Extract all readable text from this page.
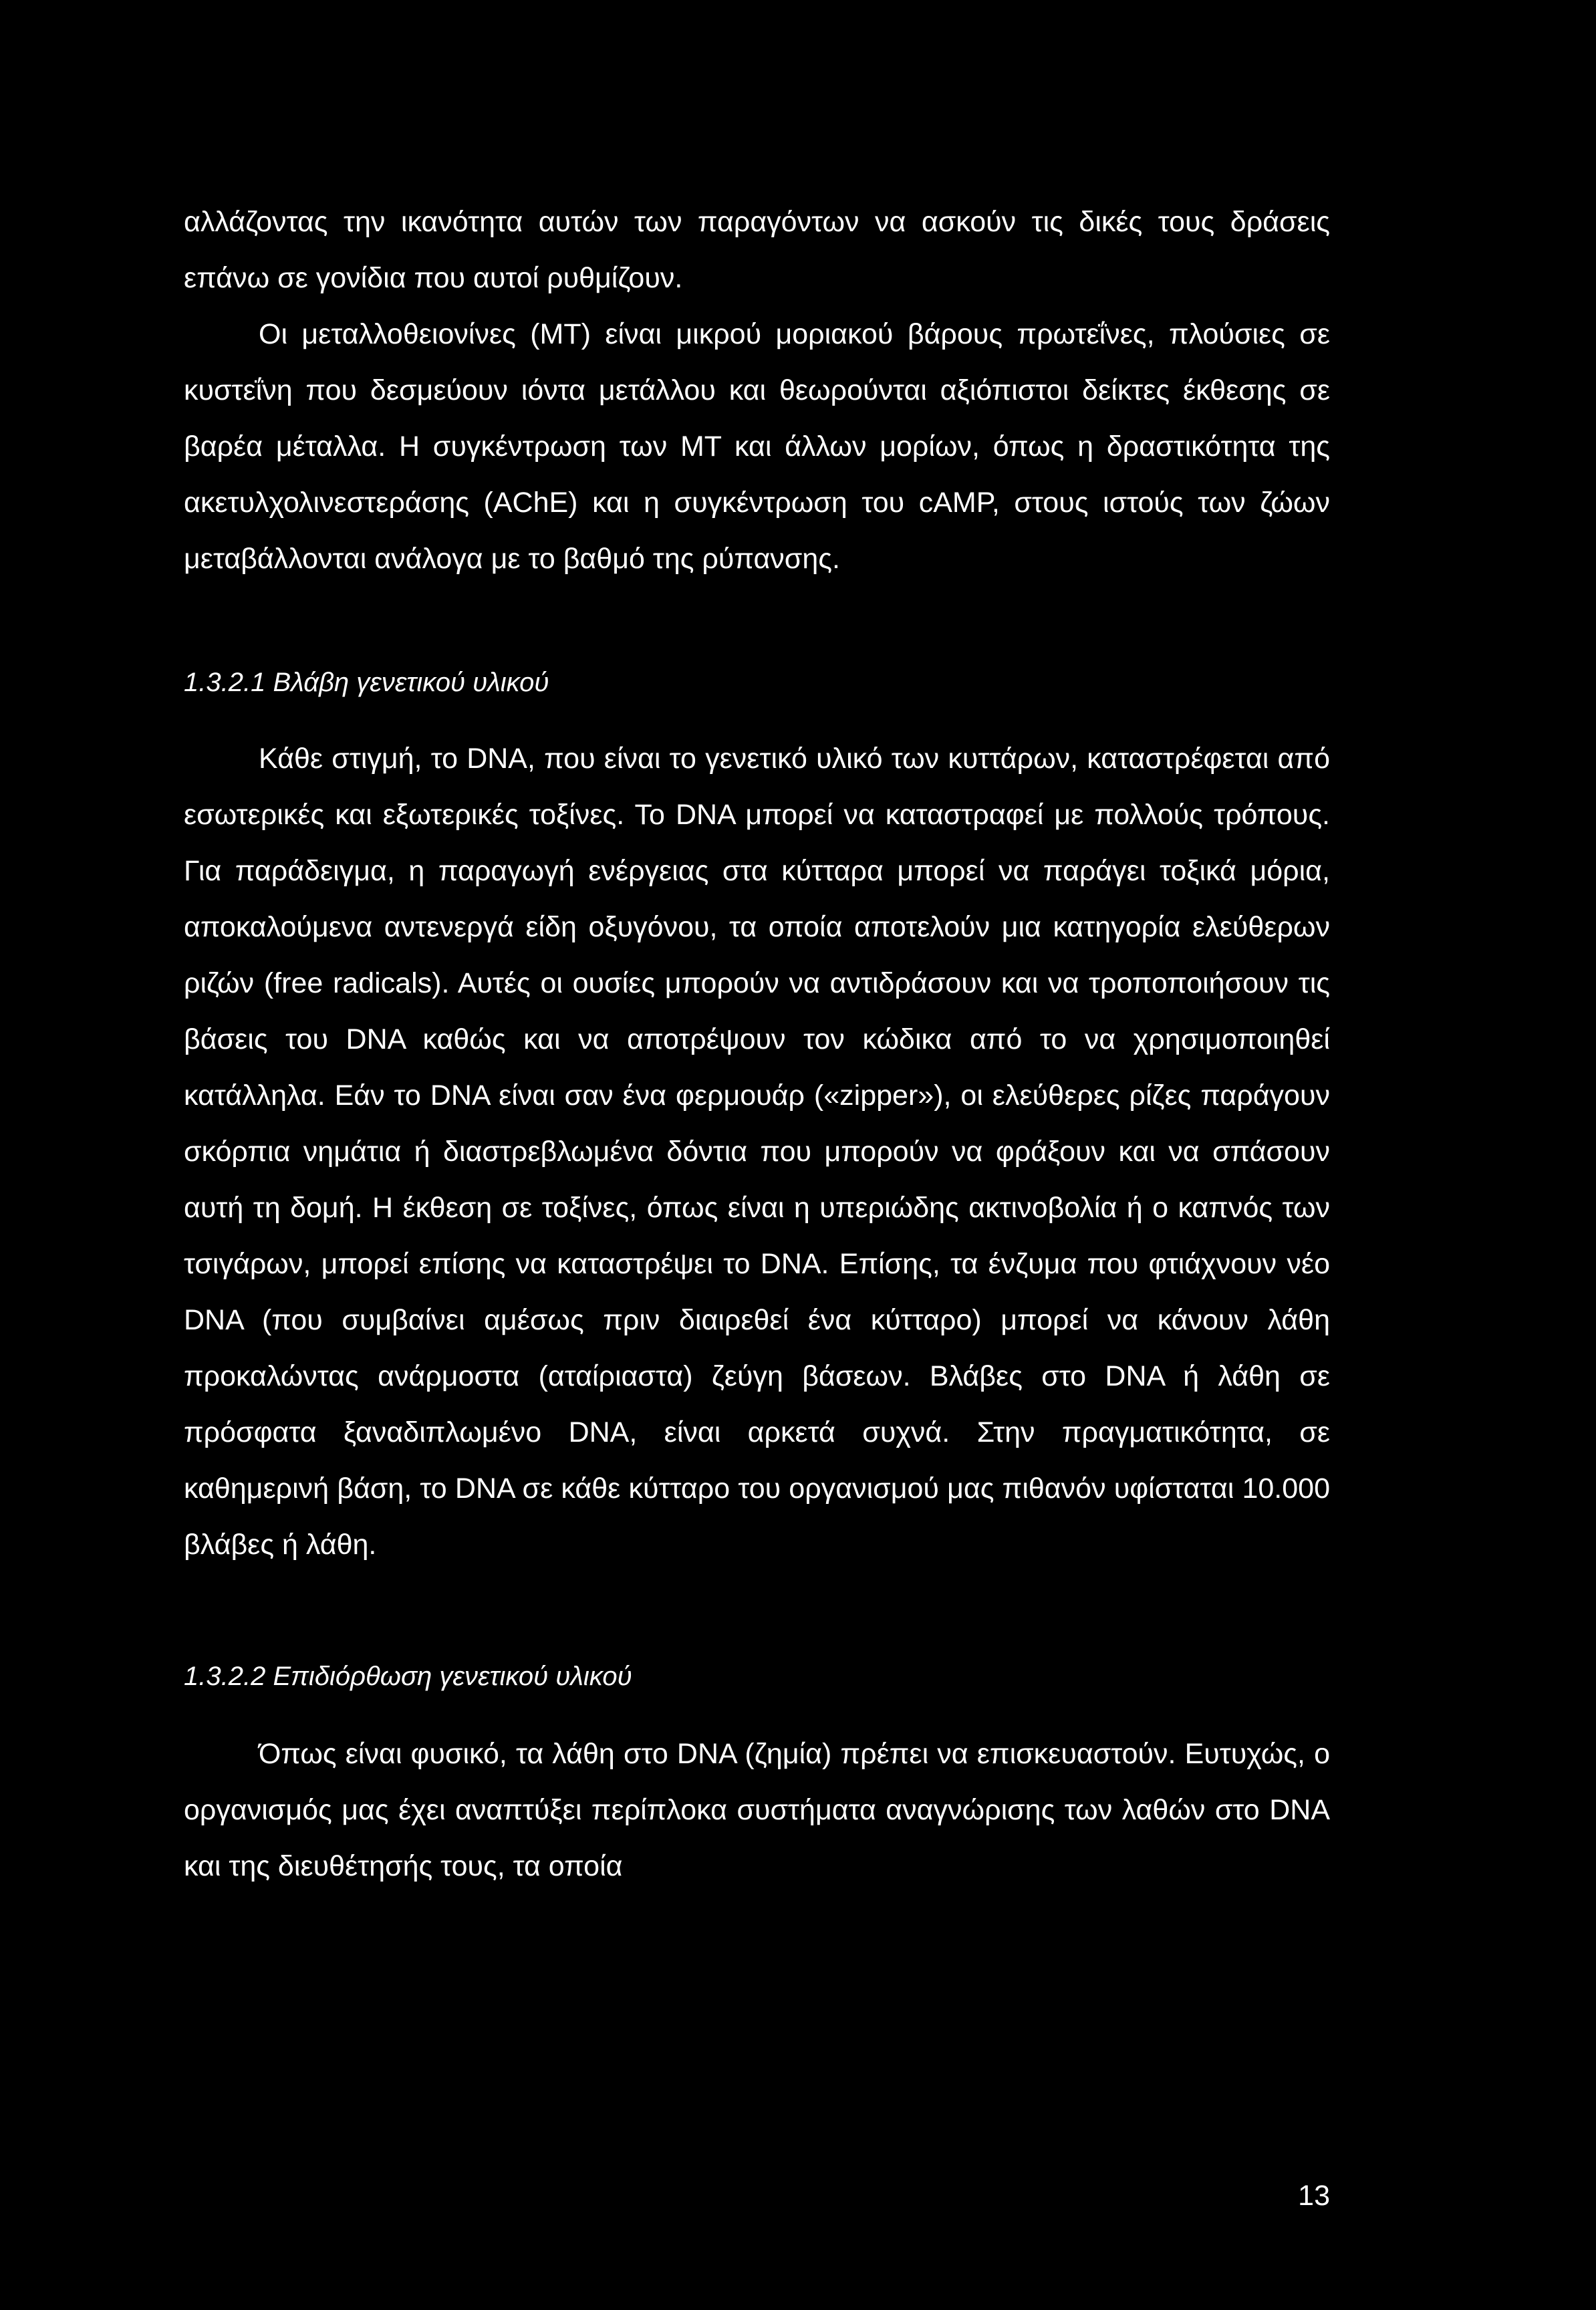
αλλάζοντας την ικανότητα αυτών των παραγόντων να ασκούν τις δικές τους δράσεις επάνω σε γονίδια που αυτοί ρυθμίζουν.

Οι μεταλλοθειονίνες (ΜΤ) είναι μικρού μοριακού βάρους πρωτεΐνες, πλούσιες σε κυστεΐνη που δεσμεύουν ιόντα μετάλλου και θεωρούνται αξιόπιστοι δείκτες έκθεσης σε βαρέα μέταλλα. Η συγκέντρωση των ΜΤ και άλλων μορίων, όπως η δραστικότητα της ακετυλχολινεστεράσης (AChE) και η συγκέντρωση του cAMP, στους ιστούς των ζώων μεταβάλλονται ανάλογα με το βαθμό της ρύπανσης.

1.3.2.1 Βλάβη γενετικού υλικού

Κάθε στιγμή, το DNA, που είναι το γενετικό υλικό των κυττάρων, καταστρέφεται από εσωτερικές και εξωτερικές τοξίνες. Το DNA μπορεί να καταστραφεί με πολλούς τρόπους. Για παράδειγμα, η παραγωγή ενέργειας στα κύτταρα μπορεί να παράγει τοξικά μόρια, αποκαλούμενα αντενεργά είδη οξυγόνου, τα οποία αποτελούν μια κατηγορία ελεύθερων ριζών (free radicals). Αυτές οι ουσίες μπορούν να αντιδράσουν και να τροποποιήσουν τις βάσεις του DNA καθώς και να αποτρέψουν τον κώδικα από το να χρησιμοποιηθεί κατάλληλα. Εάν το DNA είναι σαν ένα φερμουάρ («zipper»), οι ελεύθερες ρίζες παράγουν σκόρπια νημάτια ή διαστρεβλωμένα δόντια που μπορούν να φράξουν και να σπάσουν αυτή τη δομή. Η έκθεση σε τοξίνες, όπως είναι η υπεριώδης ακτινοβολία ή ο καπνός των τσιγάρων, μπορεί επίσης να καταστρέψει το DNA. Επίσης, τα ένζυμα που φτιάχνουν νέο DNA (που συμβαίνει αμέσως πριν διαιρεθεί ένα κύτταρο) μπορεί να κάνουν λάθη προκαλώντας ανάρμοστα (αταίριαστα) ζεύγη βάσεων. Βλάβες στο DNA ή λάθη σε πρόσφατα ξαναδιπλωμένο DNA, είναι αρκετά συχνά. Στην πραγματικότητα, σε καθημερινή βάση, το DNA σε κάθε κύτταρο του οργανισμού μας πιθανόν υφίσταται 10.000 βλάβες ή λάθη.

1.3.2.2 Επιδιόρθωση γενετικού υλικού

Όπως είναι φυσικό, τα λάθη στο DNA (ζημία) πρέπει να επισκευαστούν. Ευτυχώς, ο οργανισμός μας έχει αναπτύξει περίπλοκα συστήματα αναγνώρισης των λαθών στο DNA και της διευθέτησής τους, τα οποία

13
